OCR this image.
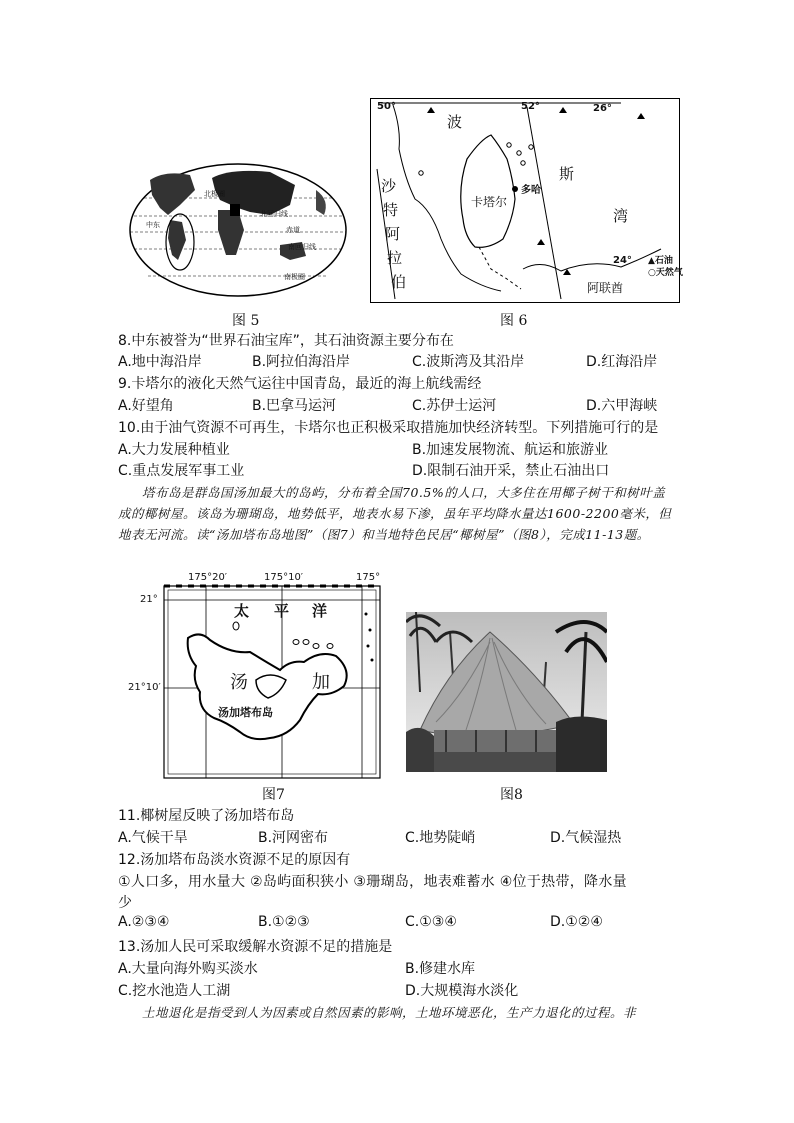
北极圈
北回归线
中东
赤道
南回归线
南极圈
图 5
50°	52°	26°
24°
波
斯
湾
沙
特
阿
拉
伯
卡塔尔
多哈
阿联酋
▲石油
○天然气
图 6
8.中东被誉为“世界石油宝库”，其石油资源主要分布在
A.地中海沿岸	B.阿拉伯海沿岸	C.波斯湾及其沿岸	D.红海沿岸
9.卡塔尔的液化天然气运往中国青岛，最近的海上航线需经
A.好望角	B.巴拿马运河	C.苏伊士运河	D.六甲海峡
10.由于油气资源不可再生，卡塔尔也正积极采取措施加快经济转型。下列措施可行的是
A.大力发展种植业	B.加速发展物流、航运和旅游业
C.重点发展军事工业	D.限制石油开采，禁止石油出口
塔布岛是群岛国汤加最大的岛屿，分布着全国70.5%的人口，大多住在用椰子树干和树叶盖成的椰树屋。该岛为珊瑚岛，地势低平，地表水易下渗，虽年平均降水量达1600-2200毫米，但地表无河流。读“汤加塔布岛地图”（图7）和当地特色民居“椰树屋”（图8），完成11-13题。
175°20′	175°10′	175°
21°
21°10′
太 平 洋
汤	加
汤加塔布岛
图7	图8
11.椰树屋反映了汤加塔布岛
A.气候干旱	B.河网密布	C.地势陡峭	D.气候湿热
12.汤加塔布岛淡水资源不足的原因有
①人口多，用水量大 ②岛屿面积狭小 ③珊瑚岛，地表难蓄水 ④位于热带，降水量
少
A.②③④	B.①②③	C.①③④	D.①②④
13.汤加人民可采取缓解水资源不足的措施是
A.大量向海外购买淡水	B.修建水库
C.挖水池造人工湖	D.大规模海水淡化
土地退化是指受到人为因素或自然因素的影响，土地环境恶化，生产力退化的过程。非
